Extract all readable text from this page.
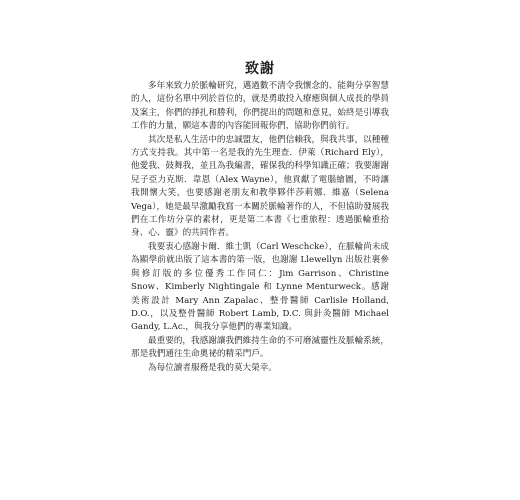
致謝

多年來致力於脈輪研究，邁過數不清令我懷念的、能夠分享智慧的人，這份名單中列於首位的，就是勇敢投入療癒與個人成長的學員及案主，你們的掙扎和勝利，你們提出的問題和意見，始終是引導我工作的力量，願這本書的內容能回報你們，協助你們前行。

其次是私人生活中的忠誠盟友，他們信賴我，與我共事，以種種方式支持我。其中第一名是我的先生理查．伊萊（Richard Ely），他愛我、鼓舞我，並且為我編書，確保我的科學知識正確；我要謝謝兒子亞力克斯．韋恩（Alex Wayne），他貢獻了電腦繪圖，不時讓我開懷大笑，也要感謝老朋友和教學夥伴莎莉娜．維嘉（Selena Vega），她是最早激勵我寫一本關於脈輪著作的人，不但協助發展我們在工作坊分享的素材，更是第二本書《七重旅程：透過脈輪重拾身、心、靈》的共同作者。

我要衷心感謝卡爾．維士凱（Carl Weschcke），在脈輪尚未成為顯學前就出版了這本書的第一版，也謝謝 Llewellyn 出版社裏參與修訂版的多位優秀工作同仁：Jim Garrison、Christine Snow、Kimberly Nightingale 和 Lynne Menturweck。感謝美術設計 Mary Ann Zapalac、整骨醫師 Carlisle Holland, D.O.，以及整骨醫師 Robert Lamb, D.C. 與針灸醫師 Michael Gandy, L.Ac.，與我分享他們的專業知識。

最重要的，我感謝讓我們維持生命的不可磨滅靈性及脈輪系統，那是我們通往生命奧祕的精采門戶。

為每位讀者服務是我的莫大榮幸。
